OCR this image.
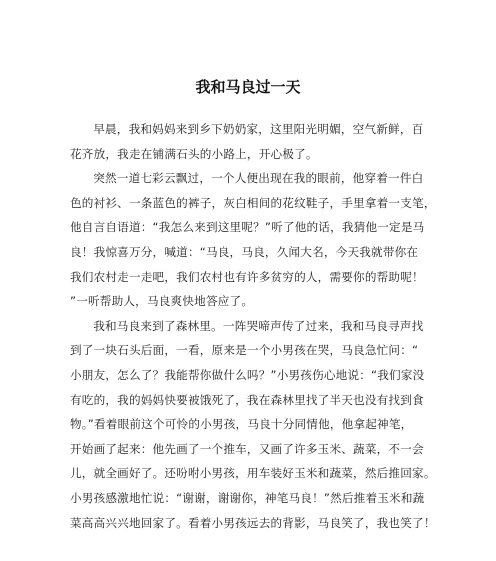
我和马良过一天

早晨，我和妈妈来到乡下奶奶家，这里阳光明媚，空气新鲜，百
花齐放，我走在铺满石头的小路上，开心极了。

突然一道七彩云飘过，一个人便出现在我的眼前，他穿着一件白
色的衬衫、一条蓝色的裤子，灰白相间的花纹鞋子，手里拿着一支笔，
他自言自语道：“我怎么来到这里呢？”听了他的话，我猜他一定是马
良！我惊喜万分，喊道：“马良，马良，久闻大名，今天我就带你在
我们农村走一走吧，我们农村也有许多贫穷的人，需要你的帮助呢！
”一听帮助人，马良爽快地答应了。

我和马良来到了森林里。一阵哭啼声传了过来，我和马良寻声找
到了一块石头后面，一看，原来是一个小男孩在哭，马良急忙问：“
小朋友，怎么了？我能帮你做什么吗？”小男孩伤心地说：“我们家没
有吃的，我的妈妈快要被饿死了，我在森林里找了半天也没有找到食
物。”看着眼前这个可怜的小男孩，马良十分同情他，他拿起神笔，
开始画了起来：他先画了一个推车，又画了许多玉米、蔬菜，不一会
儿，就全画好了。还吩咐小男孩，用车装好玉米和蔬菜，然后推回家。
小男孩感激地忙说：“谢谢，谢谢你，神笔马良！”然后推着玉米和蔬
菜高高兴兴地回家了。看着小男孩远去的背影，马良笑了，我也笑了！
